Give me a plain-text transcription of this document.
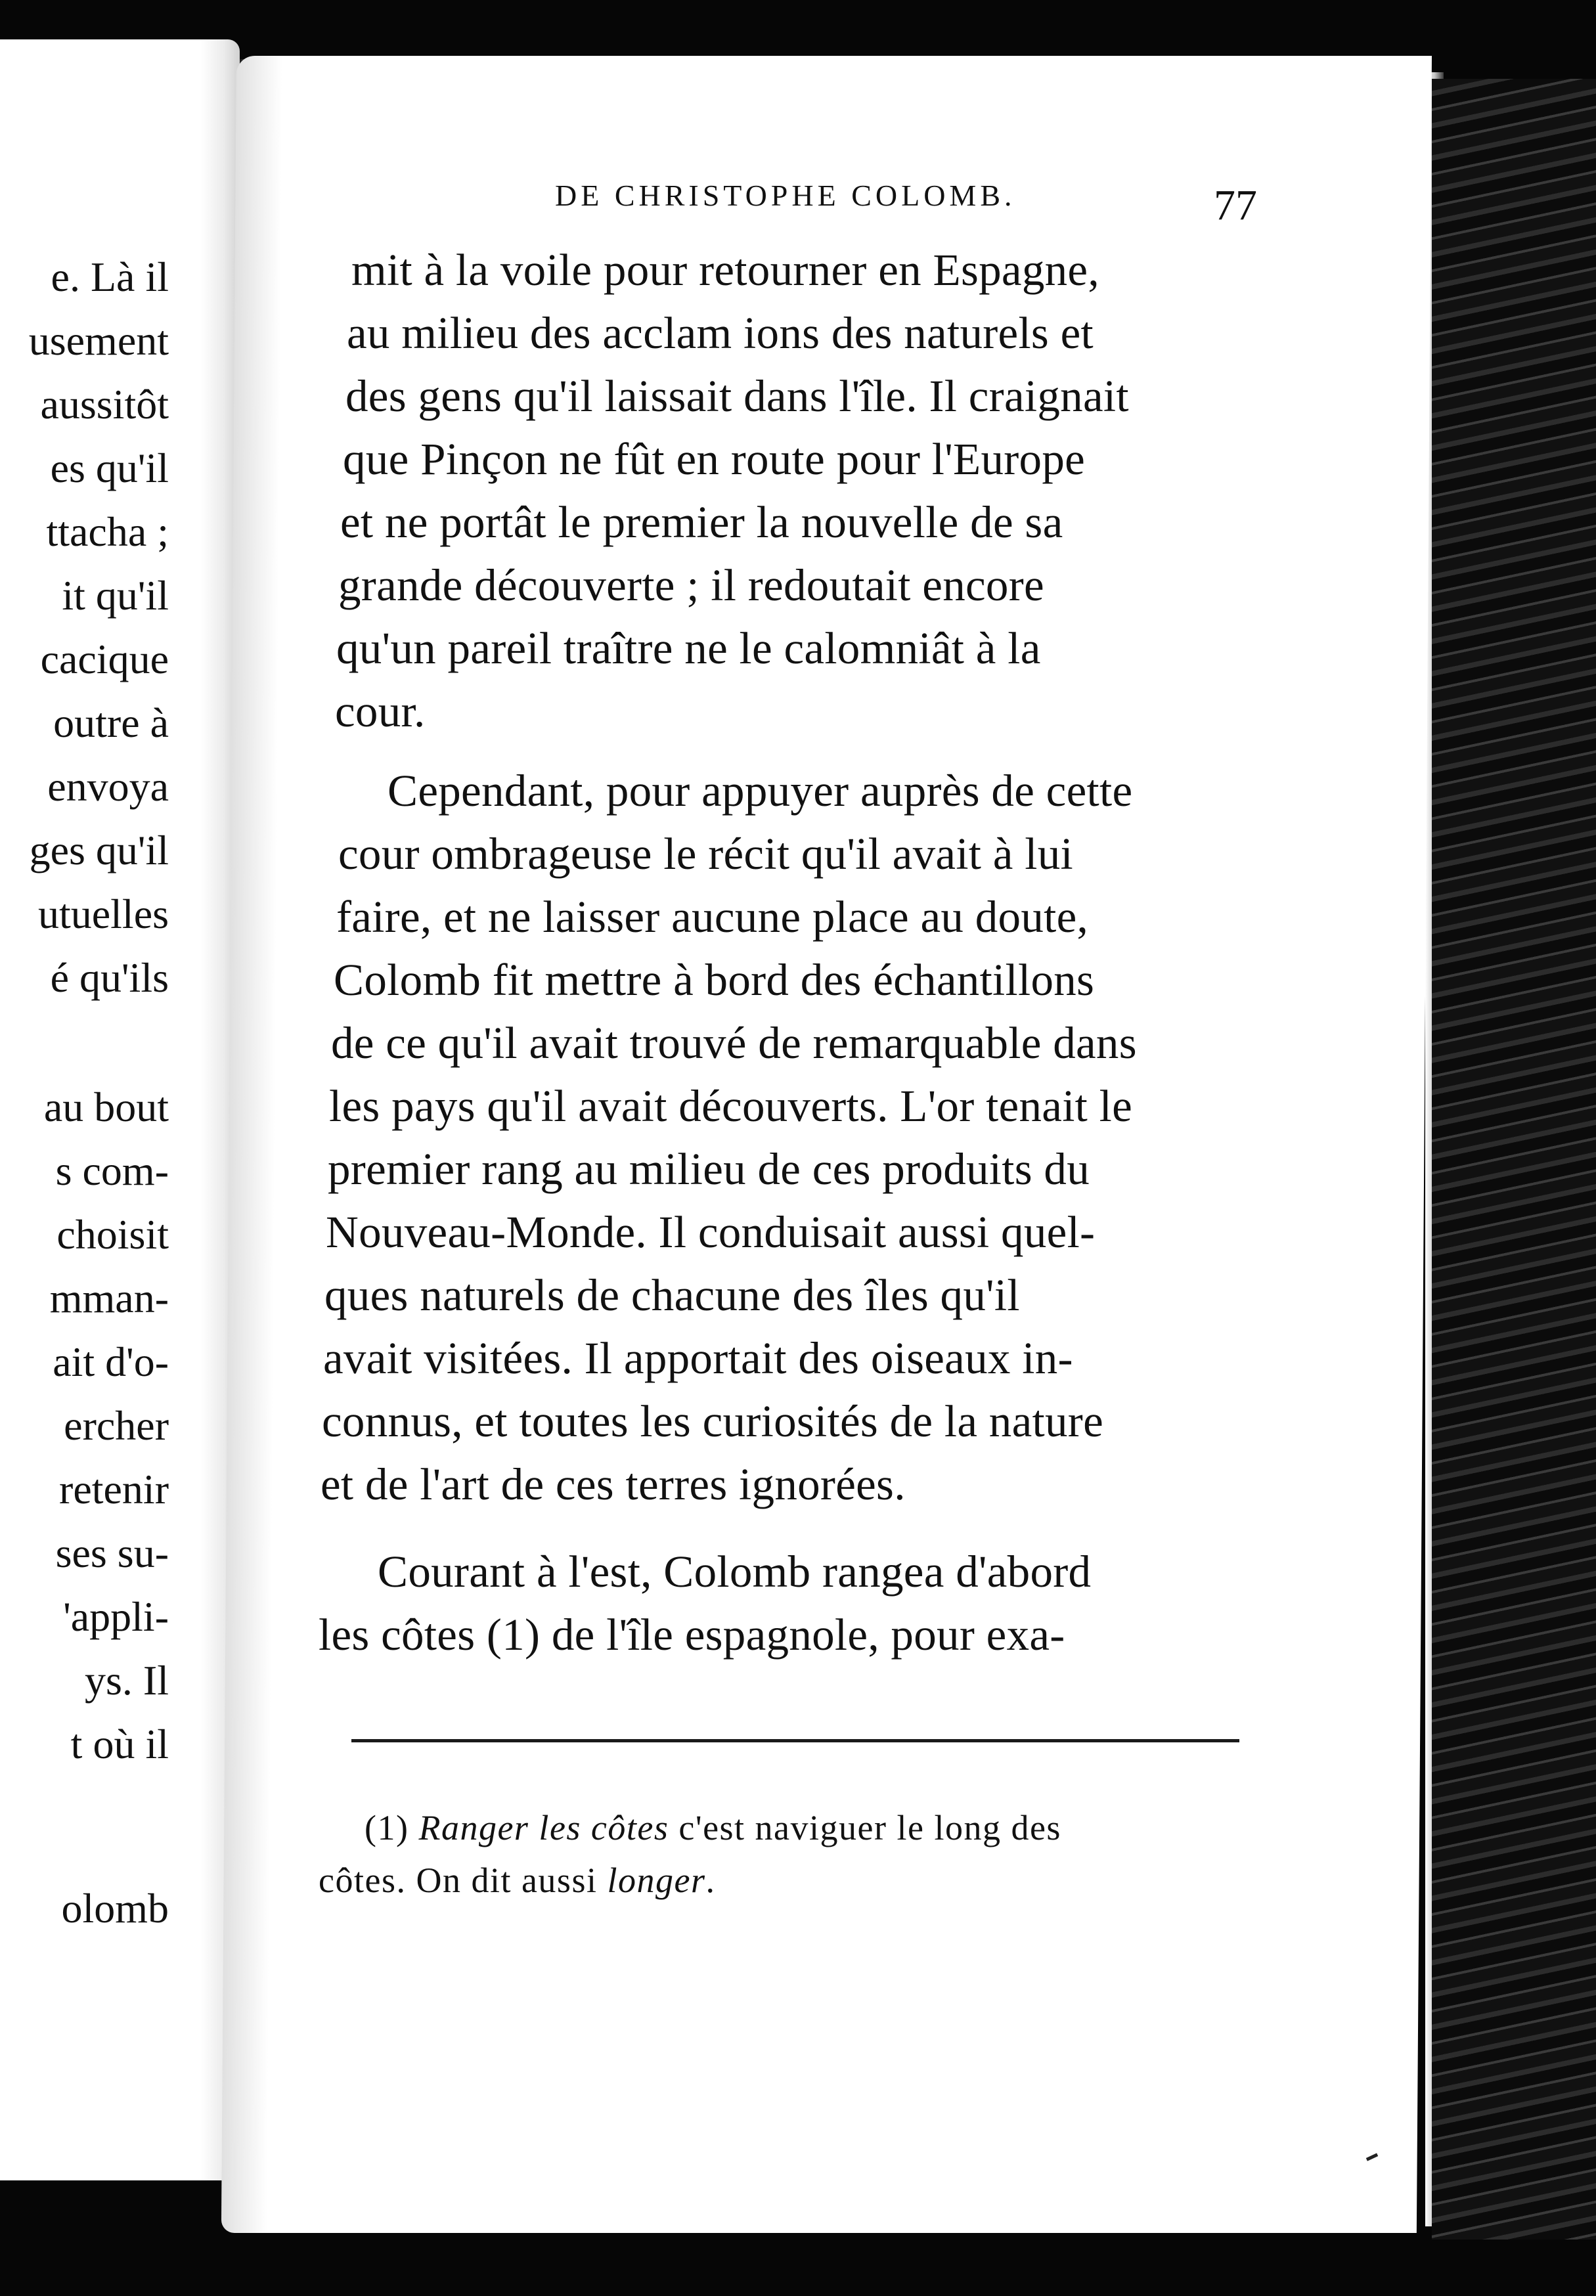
e. Là il
usement
aussitôt
es qu'il
ttacha ;
it qu'il
cacique
outre à
envoya
ges qu'il
utuelles
é qu'ils
au bout
s com-
choisit
mman-
ait d'o-
ercher
retenir
ses su-
'appli-
ys. Il
t où il
olomb
DE CHRISTOPHE COLOMB.	77
mit à la voile pour retourner en Espagne,
au milieu des acclam ions des naturels et
des gens qu'il laissait dans l'île. Il craignait
que Pinçon ne fût en route pour l'Europe
et ne portât le premier la nouvelle de sa
grande découverte ; il redoutait encore
qu'un pareil traître ne le calomniât à la
cour.
Cependant, pour appuyer auprès de cette
cour ombrageuse le récit qu'il avait à lui
faire, et ne laisser aucune place au doute,
Colomb fit mettre à bord des échantillons
de ce qu'il avait trouvé de remarquable dans
les pays qu'il avait découverts. L'or tenait le
premier rang au milieu de ces produits du
Nouveau-Monde. Il conduisait aussi quel-
ques naturels de chacune des îles qu'il
avait visitées. Il apportait des oiseaux in-
connus, et toutes les curiosités de la nature
et de l'art de ces terres ignorées.
Courant à l'est, Colomb rangea d'abord
les côtes (1) de l'île espagnole, pour exa-
(1) Ranger les côtes c'est naviguer le long des
côtes. On dit aussi longer.
